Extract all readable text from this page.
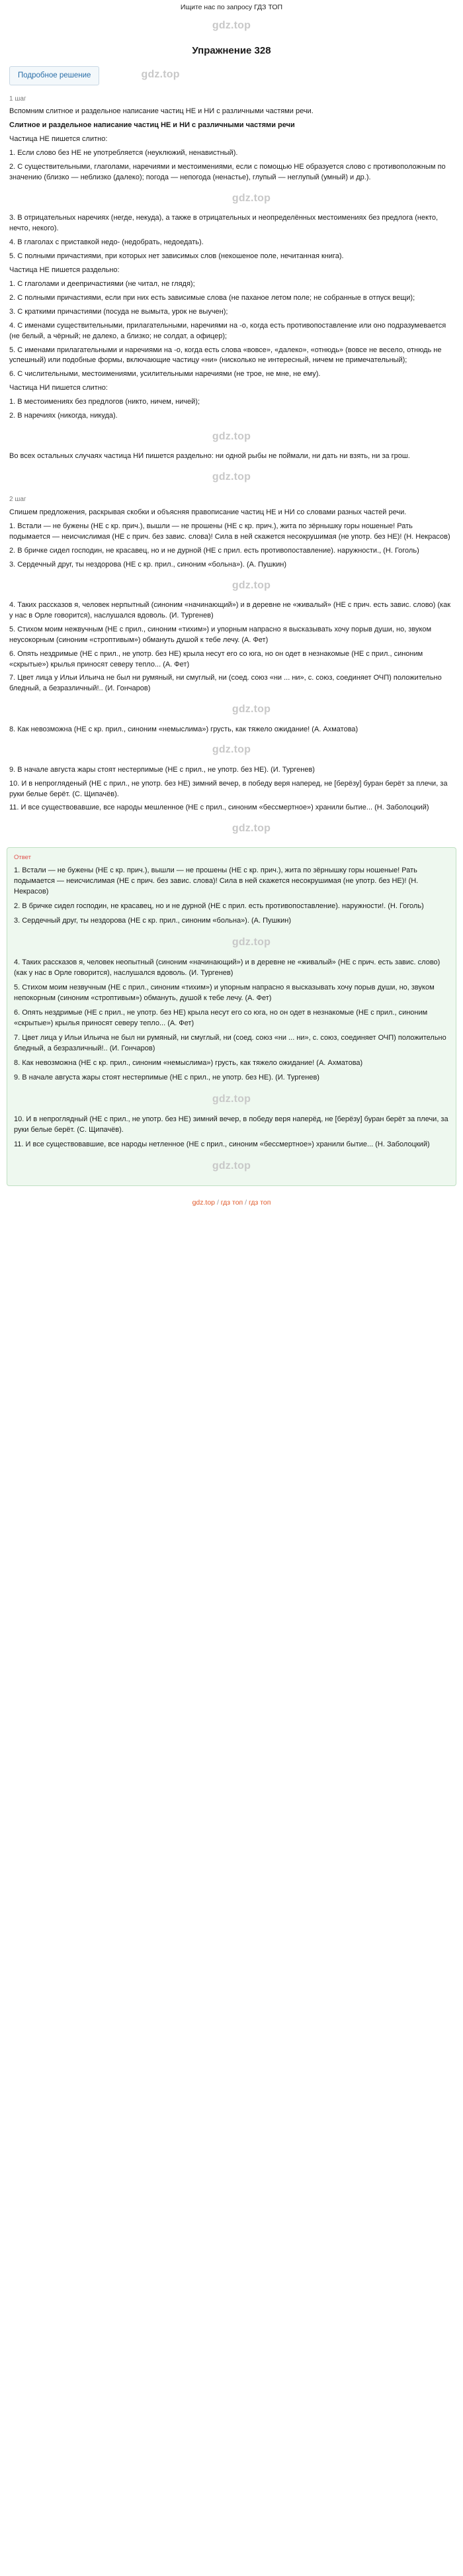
Ищите нас по запросу ГДЗ ТОП
gdz.top
Упражнение 328
Подробное решение	gdz.top
1 шаг

Вспомним слитное и раздельное написание частиц НЕ и НИ с различными частями речи.

Слитное и раздельное написание частиц НЕ и НИ с различными частями речи

Частица НЕ пишется слитно:

1. Если слово без НЕ не употребляется (неуклюжий, ненавистный).

2. С существительными, глаголами, наречиями и местоимениями, если с помощью НЕ образуется слово с противоположным по значению (близко — неблизко (далеко); погода — непогода (ненастье), глупый — неглупый (умный) и др.).

gdz.top

3. В отрицательных наречиях (негде, некуда), а также в отрицательных и неопределённых местоимениях без предлога (некто, нечто, некого).

4. В глаголах с приставкой недо- (недобрать, недоедать).

5. С полными причастиями, при которых нет зависимых слов (некошеное поле, нечитанная книга).

Частица НЕ пишется раздельно:

1. С глаголами и деепричастиями (не читал, не глядя);

2. С полными причастиями, если при них есть зависимые слова (не паханое летом поле; не собранные в отпуск вещи);

3. С краткими причастиями (посуда не вымыта, урок не выучен);

4. С именами существительными, прилагательными, наречиями на -о, когда есть противопоставление или оно подразумевается (не белый, а чёрный; не далеко, а близко; не солдат, а офицер);

5. С именами прилагательными и наречиями на -о, когда есть слова «вовсе», «далеко», «отнюдь» (вовсе не весело, отнюдь не успешный) или подобные формы, включающие частицу «ни» (нисколько не интересный, ничем не примечательный);

6. С числительными, местоимениями, усилительными наречиями (не трое, не мне, не ему).

Частица НИ пишется слитно:

1. В местоимениях без предлогов (никто, ничем, ничей);

2. В наречиях (никогда, никуда).

gdz.top

Во всех остальных случаях частица НИ пишется раздельно: ни одной рыбы не поймали, ни дать ни взять, ни за грош.

gdz.top
2 шаг

Спишем предложения, раскрывая скобки и объясняя правописание частиц НЕ и НИ со словами разных частей речи.

1. Встали — не бужены (НЕ с кр. прич.), вышли — не прошены (НЕ с кр. прич.), жита по зёрнышку горы ношеные! Рать подымается — неисчислимая (НЕ с прич. без завис. слова)! Сила в ней скажется несокрушимая (не употр. без НЕ)! (Н. Некрасов)

2. В бричке сидел господин, не красавец, но и не дурной (НЕ с прил. есть противопоставление). наружности., (Н. Гоголь)

3. Сердечный друг, ты нездорова (НЕ с кр. прил., синоним «больна»). (А. Пушкин)

gdz.top

4. Таких рассказов я, человек нерпытный (синоним «начинающий») и в деревне не «живалый» (НЕ с прич. есть завис. слово) (как у нас в Орле говорится), наслушался вдоволь. (И. Тургенев)

5. Стихом моим нежвучным (НЕ с прил., синоним «тихим») и упорным напрасно я высказывать хочу порыв души, но, звуком неусокорным (синоним «строптивым») обмануть душой к тебе лечу. (А. Фет)

6. Опять нездримые (НЕ с прил., не употр. без НЕ) крыла несут его со юга, но он одет в незнакомые (НЕ с прил., синоним «скрытые») крылья приносят северу тепло... (А. Фет)

7. Цвет лица у Ильи Ильича не был ни румяный, ни смуглый, ни (соед. союз «ни ... ни», с. союз, соединяет ОЧП) положительно бледный, а безразличный!.. (И. Гончаров)

gdz.top

8. Как невозможна (НЕ с кр. прил., синоним «немыслима») грусть, как тяжело ожидание! (А. Ахматова)

gdz.top

9. В начале августа жары стоят нестерпимые (НЕ с прил., не употр. без НЕ). (И. Тургенев)

10. И в непрогляденый (НЕ с прил., не употр. без НЕ) зимний вечер, в победу веря наперед, не [берёзу] буран берёт за плечи, за руки белые берёт. (С. Щипачёв).

11. И все существовавшие, все народы мешленное (НЕ с прил., синоним «бессмертное») хранили бытие... (Н. Заболоцкий)

gdz.top
Ответ

1. Встали — не бужены (НЕ с кр. прич.), вышли — не прошены (НЕ с кр. прич.), жита по зёрнышку горы ношеные! Рать подымается — неисчислимая (НЕ с прич. без завис. слова)! Сила в ней скажется несокрушимая (не употр. без НЕ)! (Н. Некрасов)

2. В бричке сидел господин, не красавец, но и не дурной (НЕ с прил. есть противопоставление). наружности!. (Н. Гоголь)

3. Сердечный друг, ты нездорова (НЕ с кр. прил., синоним «больна»). (А. Пушкин)

gdz.top

4. Таких рассказов я, человек неопытный (синоним «начинающий») и в деревне не «живалый» (НЕ с прич. есть завис. слово) (как у нас в Орле говорится), наслушался вдоволь. (И. Тургенев)

5. Стихом моим незвучным (НЕ с прил., синоним «тихим») и упорным напрасно я высказывать хочу порыв души, но, звуком непокорным (синоним «строптивым») обмануть, душой к тебе лечу. (А. Фет)

6. Опять нездримые (НЕ с прил., не употр. без НЕ) крыла несут его со юга, но он одет в незнакомые (НЕ с прил., синоним «скрытые») крылья приносят северу тепло... (А. Фет)

7. Цвет лица у Ильи Ильича не был ни румяный, ни смуглый, ни (соед. союз «ни ... ни», с. союз, соединяет ОЧП) положительно бледный, а безразличный!.. (И. Гончаров)

8. Как невозможна (НЕ с кр. прил., синоним «немыслима») грусть, как тяжело ожидание! (А. Ахматова)

9. В начале августа жары стоят нестерпимые (НЕ с прил., не употр. без НЕ). (И. Тургенев)

gdz.top

10. И в непроглядный (НЕ с прил., не употр. без НЕ) зимний вечер, в победу веря наперёд, не [берёзу] буран берёт за плечи, за руки белые берёт. (С. Щипачёв).

11. И все существовавшие, все народы нетленное (НЕ с прил., синоним «бессмертное») хранили бытие... (Н. Заболоцкий)

gdz.top
gdz.top / гдз топ / гдз топ
